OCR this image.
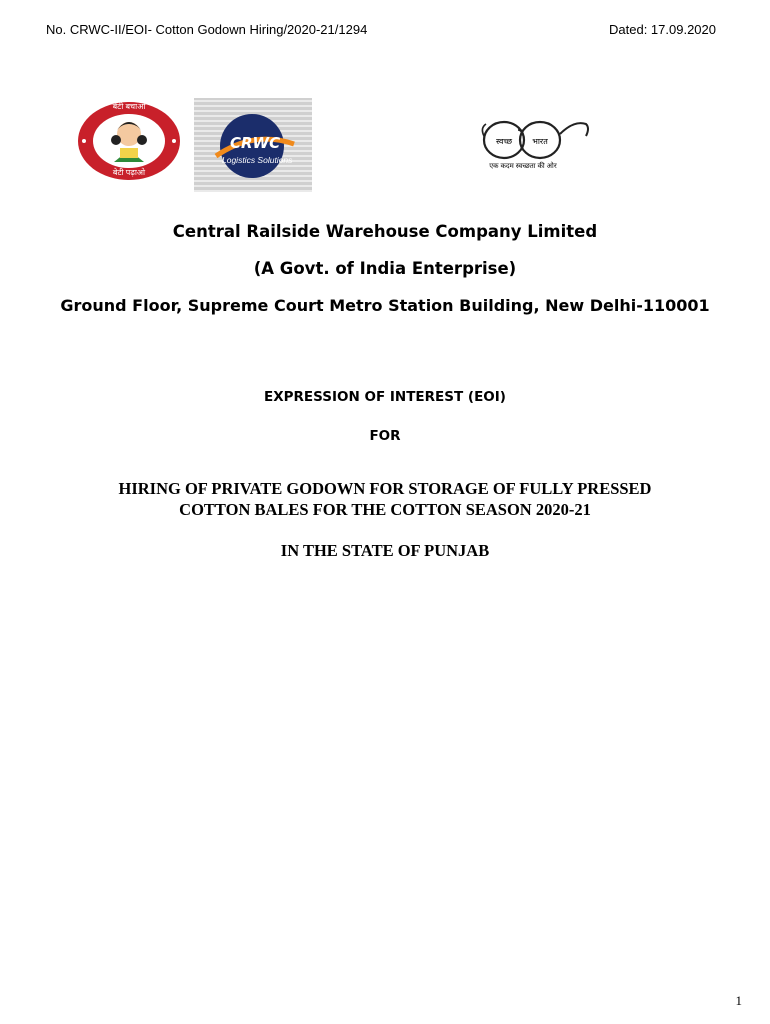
No. CRWC-II/EOI- Cotton Godown Hiring/2020-21/1294	Dated: 17.09.2020
बेटी बचाओ
बेटी पढ़ाओ
CRWC
Logistics Solutions
स्वच्छ	भारत
एक कदम स्वच्छता की ओर
Central Railside Warehouse Company Limited
(A Govt. of India Enterprise)
Ground Floor, Supreme Court Metro Station Building, New Delhi-110001
EXPRESSION OF INTEREST (EOI)
FOR
HIRING OF PRIVATE GODOWN FOR STORAGE OF FULLY PRESSED
COTTON BALES FOR THE COTTON SEASON 2020-21
IN THE STATE OF PUNJAB
1
